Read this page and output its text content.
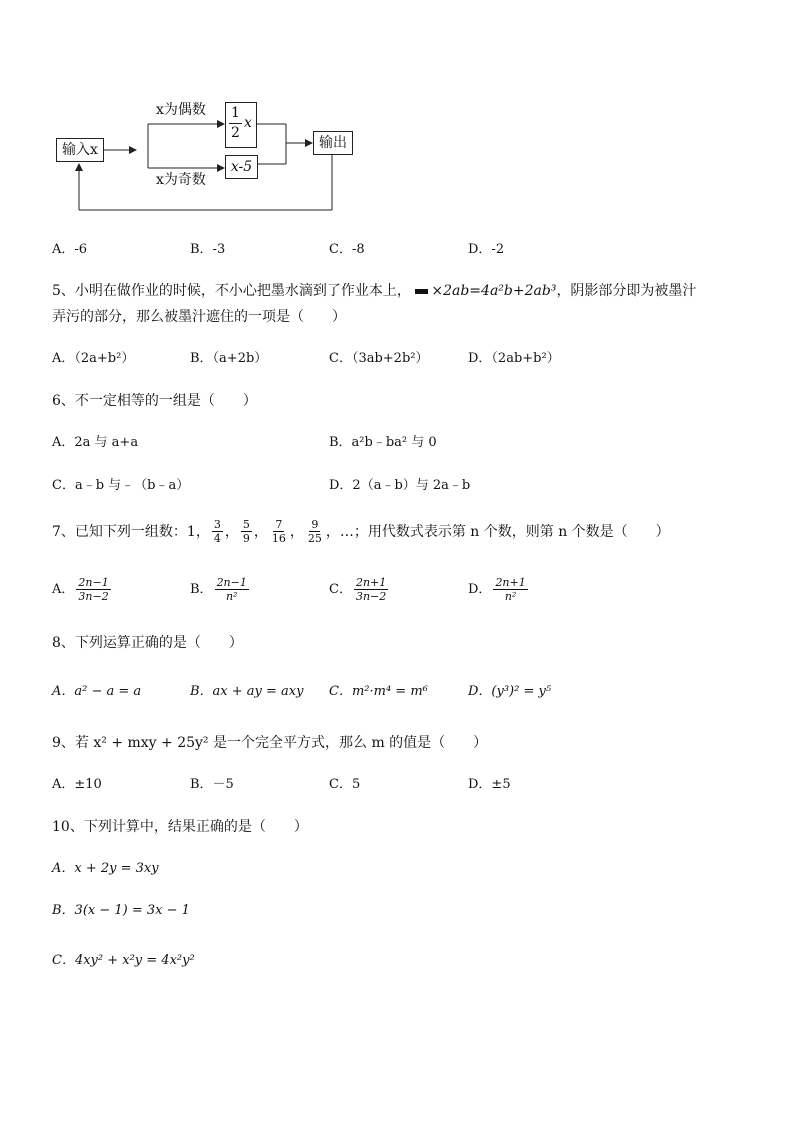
输入x
x为偶数
x为奇数
1
2
x
x-5
输出
A．-6	B．-3	C．-8	D．-2
5、小明在做作业的时候，不小心把墨水滴到了作业本上， ×2ab=4a²b+2ab³，阴影部分即为被墨汁
弄污的部分，那么被墨汁遮住的一项是（　　）
A．（2a+b²）	B．（a+2b）	C．（3ab+2b²）	D．（2ab+b²）
6、不一定相等的一组是（　　）
A．2a 与 a+a	B．a²b﹣ba² 与 0
C．a﹣b 与﹣（b﹣a）	D．2（a﹣b）与 2a﹣b
7、已知下列一组数：1， $\frac{3}{4}$ ， $\frac{5}{9}$ ， $\frac{7}{16}$ ， $\frac{9}{25}$ ，…；用代数式表示第 n 个数，则第 n 个数是（　　）
A． $\frac{2n-1}{3n-2}$	B． $\frac{2n-1}{\text{n²}}$	C． $\frac{2n+1}{3n-2}$	D． $\frac{2n+1}{\text{n²}}$
8、下列运算正确的是（　　）
A．a² − a = a	B．ax + ay = axy C．m²·m⁴ = m⁶	D．(y³)² = y⁵
9、若 x² + mxy + 25y² 是一个完全平方式，那么 m 的值是（　　）
A．±10	B．－5	C．5	D．±5
10、下列计算中，结果正确的是（　　）
A．x + 2y = 3xy
B．3(x − 1) = 3x − 1
C．4xy² + x²y = 4x²y²
